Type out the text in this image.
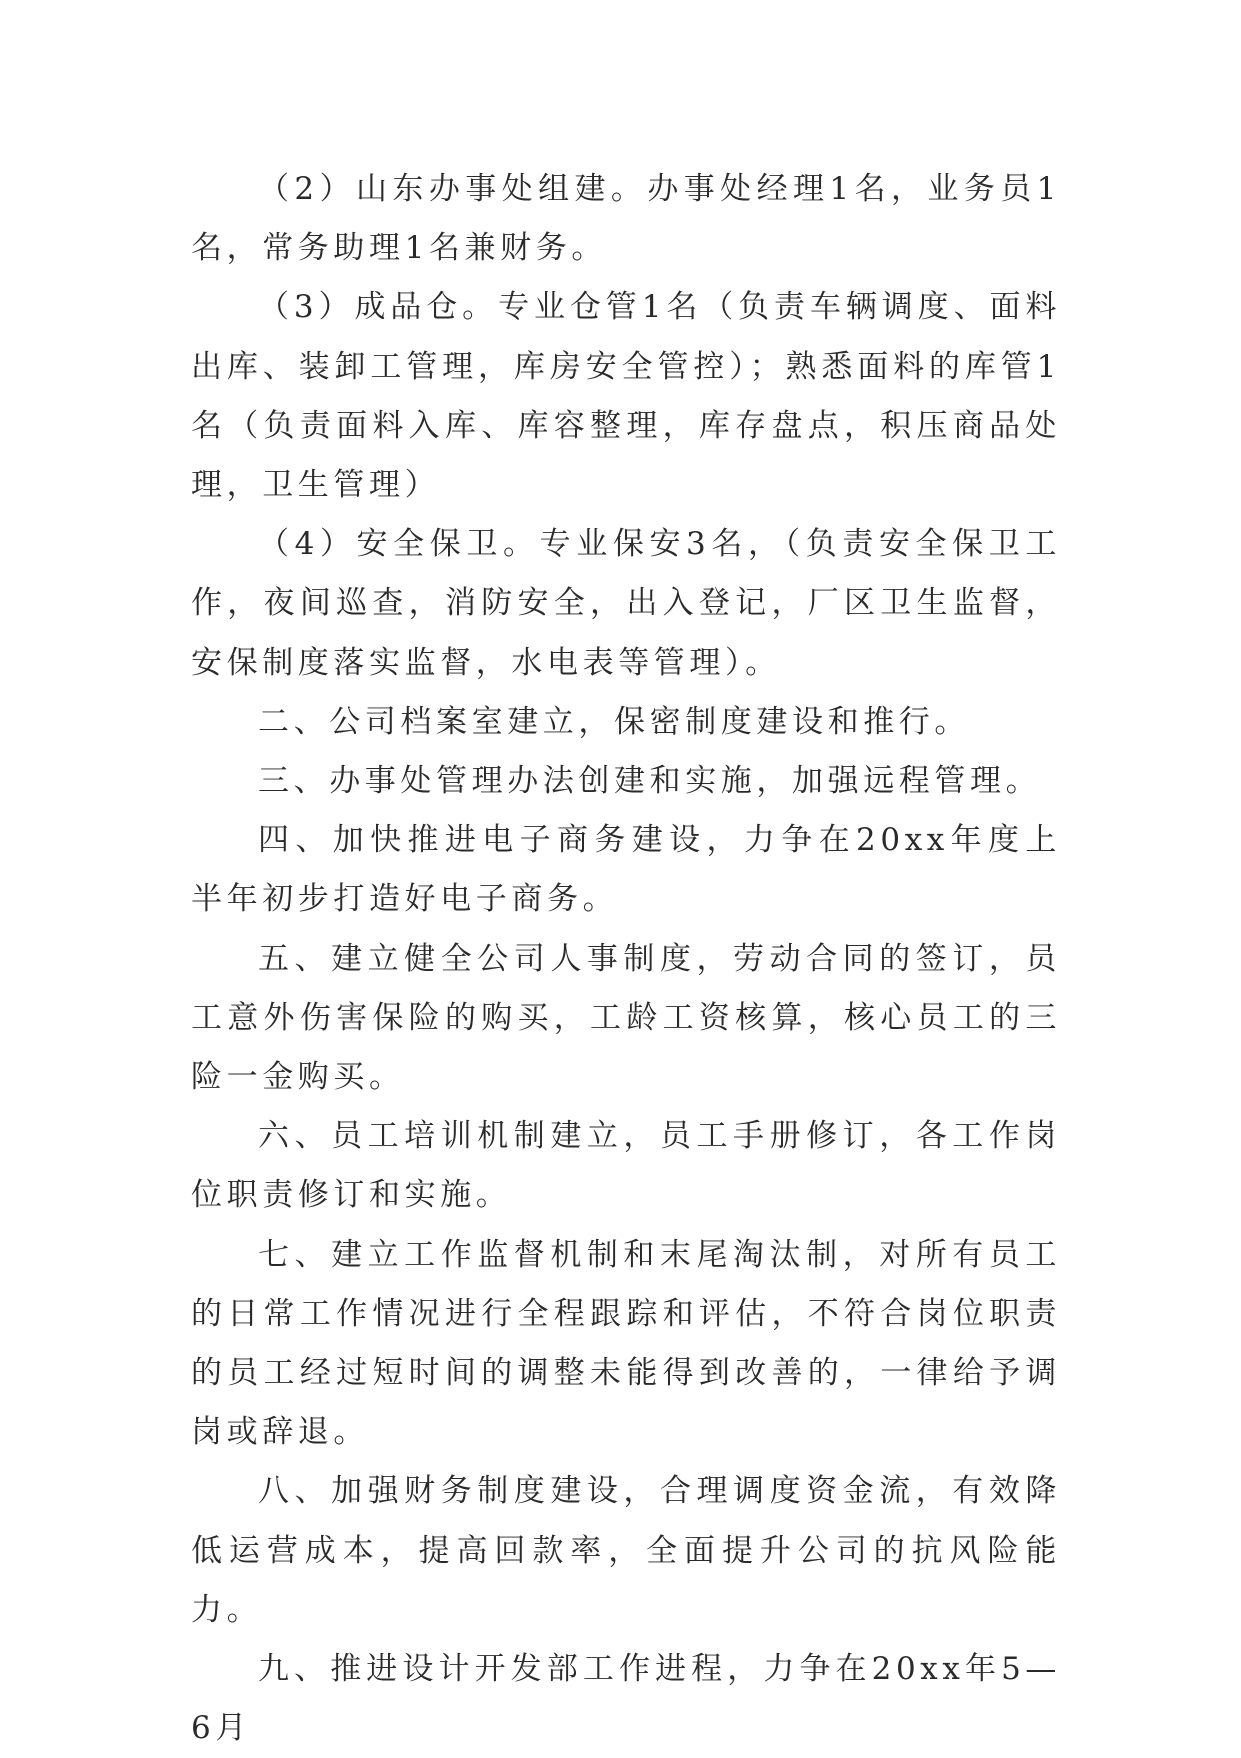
（2）山东办事处组建。办事处经理1名，业务员1名，常务助理1名兼财务。

（3）成品仓。专业仓管1名（负责车辆调度、面料出库、装卸工管理，库房安全管控）；熟悉面料的库管1名（负责面料入库、库容整理，库存盘点，积压商品处理，卫生管理）

（4）安全保卫。专业保安3名，（负责安全保卫工作，夜间巡查，消防安全，出入登记，厂区卫生监督，安保制度落实监督，水电表等管理）。

二、公司档案室建立，保密制度建设和推行。

三、办事处管理办法创建和实施，加强远程管理。

四、加快推进电子商务建设，力争在20xx年度上半年初步打造好电子商务。

五、建立健全公司人事制度，劳动合同的签订，员工意外伤害保险的购买，工龄工资核算，核心员工的三险一金购买。

六、员工培训机制建立，员工手册修订，各工作岗位职责修订和实施。

七、建立工作监督机制和末尾淘汰制，对所有员工的日常工作情况进行全程跟踪和评估，不符合岗位职责的员工经过短时间的调整未能得到改善的，一律给予调岗或辞退。

八、加强财务制度建设，合理调度资金流，有效降低运营成本，提高回款率，全面提升公司的抗风险能力。

九、推进设计开发部工作进程，力争在20xx年5—6月
